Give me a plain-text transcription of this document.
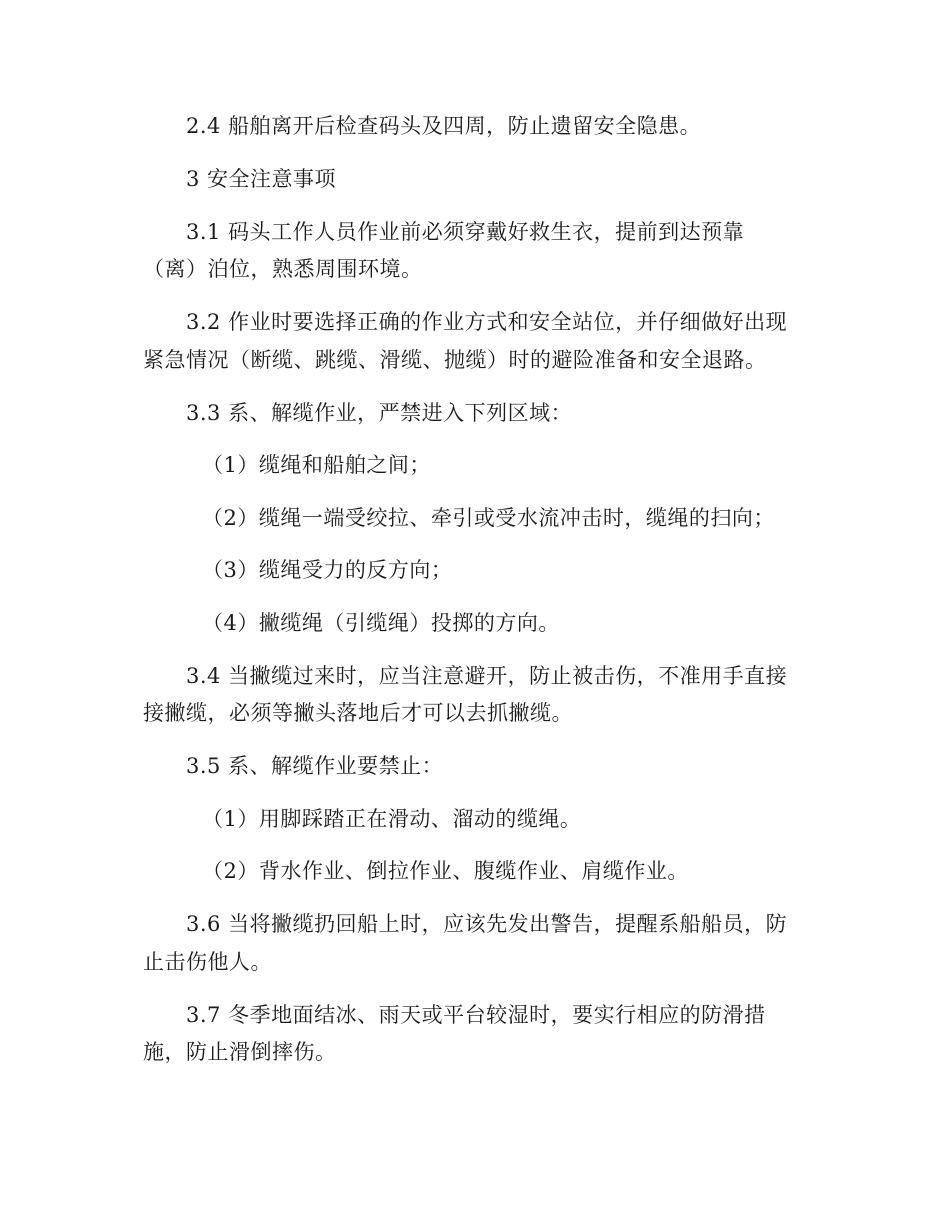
2.4 船舶离开后检查码头及四周，防止遗留安全隐患。
3 安全注意事项
3.1 码头工作人员作业前必须穿戴好救生衣，提前到达预靠
（离）泊位，熟悉周围环境。
3.2 作业时要选择正确的作业方式和安全站位，并仔细做好出现
紧急情况（断缆、跳缆、滑缆、抛缆）时的避险准备和安全退路。
3.3 系、解缆作业，严禁进入下列区域：
（1）缆绳和船舶之间；
（2）缆绳一端受绞拉、牵引或受水流冲击时，缆绳的扫向；
（3）缆绳受力的反方向；
（4）撇缆绳（引缆绳）投掷的方向。
3.4 当撇缆过来时，应当注意避开，防止被击伤，不准用手直接
接撇缆，必须等撇头落地后才可以去抓撇缆。
3.5 系、解缆作业要禁止：
（1）用脚踩踏正在滑动、溜动的缆绳。
（2）背水作业、倒拉作业、腹缆作业、肩缆作业。
3.6 当将撇缆扔回船上时，应该先发出警告，提醒系船船员，防
止击伤他人。
3.7 冬季地面结冰、雨天或平台较湿时，要实行相应的防滑措
施，防止滑倒摔伤。
